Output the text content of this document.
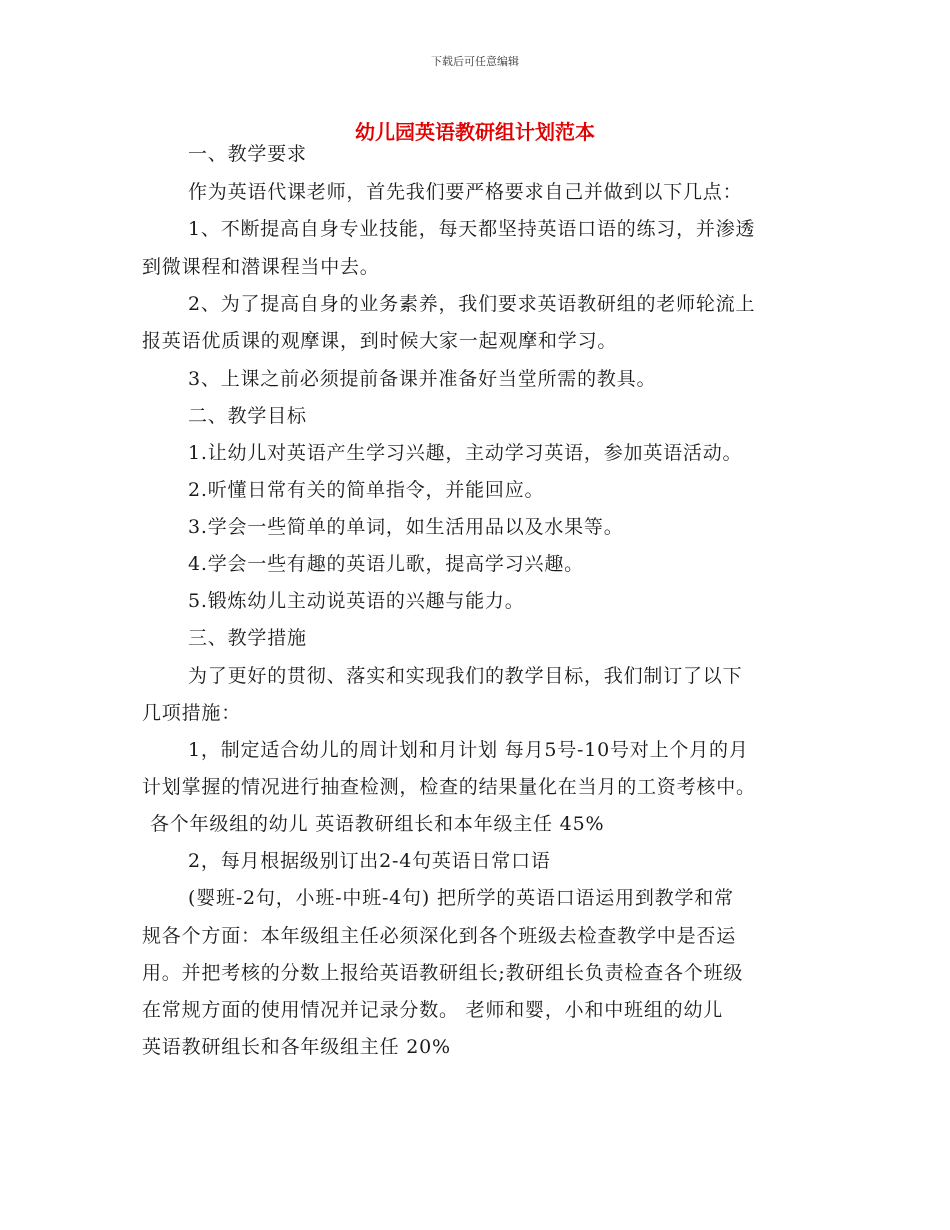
下载后可任意编辑
幼儿园英语教研组计划范本
一、教学要求
作为英语代课老师，首先我们要严格要求自己并做到以下几点：
1、不断提高自身专业技能，每天都坚持英语口语的练习，并渗透
到微课程和潜课程当中去。
2、为了提高自身的业务素养，我们要求英语教研组的老师轮流上
报英语优质课的观摩课，到时候大家一起观摩和学习。
3、上课之前必须提前备课并准备好当堂所需的教具。
二、教学目标
1.让幼儿对英语产生学习兴趣，主动学习英语，参加英语活动。
2.听懂日常有关的简单指令，并能回应。
3.学会一些简单的单词，如生活用品以及水果等。
4.学会一些有趣的英语儿歌，提高学习兴趣。
5.锻炼幼儿主动说英语的兴趣与能力。
三、教学措施
为了更好的贯彻、落实和实现我们的教学目标，我们制订了以下
几项措施：
1，制定适合幼儿的周计划和月计划 每月5号-10号对上个月的月
计划掌握的情况进行抽查检测，检查的结果量化在当月的工资考核中。
各个年级组的幼儿 英语教研组长和本年级主任 45%
2，每月根据级别订出2-4句英语日常口语
(婴班-2句，小班-中班-4句) 把所学的英语口语运用到教学和常
规各个方面：本年级组主任必须深化到各个班级去检查教学中是否运
用。并把考核的分数上报给英语教研组长;教研组长负责检查各个班级
在常规方面的使用情况并记录分数。 老师和婴，小和中班组的幼儿
英语教研组长和各年级组主任 20%
